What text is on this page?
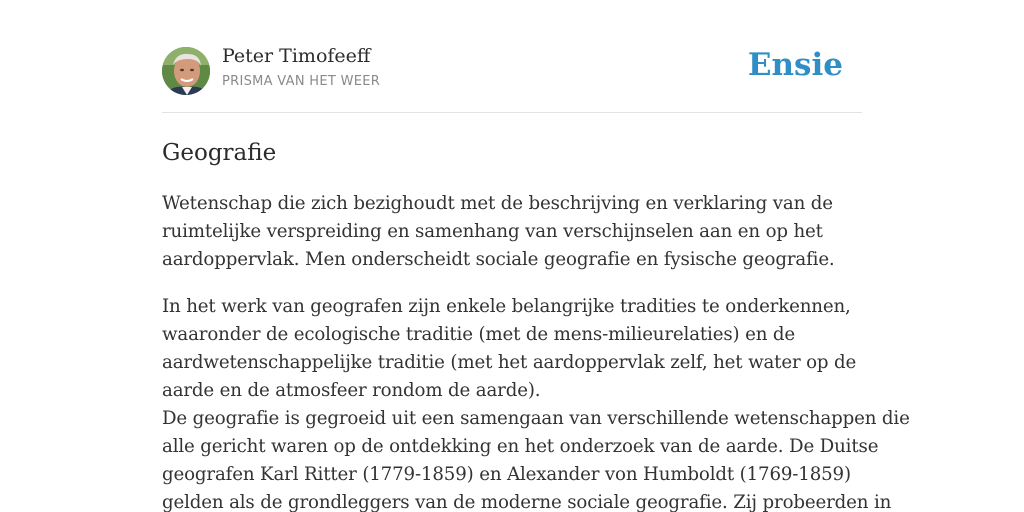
Peter Timofeeff
PRISMA VAN HET WEER	Ensie
Geografie

Wetenschap die zich bezighoudt met de beschrijving en verklaring van de
ruimtelijke verspreiding en samenhang van verschijnselen aan en op het
aardoppervlak. Men onderscheidt sociale geografie en fysische geografie.

In het werk van geografen zijn enkele belangrijke tradities te onderkennen,
waaronder de ecologische traditie (met de mens-milieurelaties) en de
aardwetenschappelijke traditie (met het aardoppervlak zelf, het water op de
aarde en de atmosfeer rondom de aarde).
De geografie is gegroeid uit een samengaan van verschillende wetenschappen die
alle gericht waren op de ontdekking en het onderzoek van de aarde. De Duitse
geografen Karl Ritter (1779-1859) en Alexander von Humboldt (1769-1859)
gelden als de grondleggers van de moderne sociale geografie. Zij probeerden in
